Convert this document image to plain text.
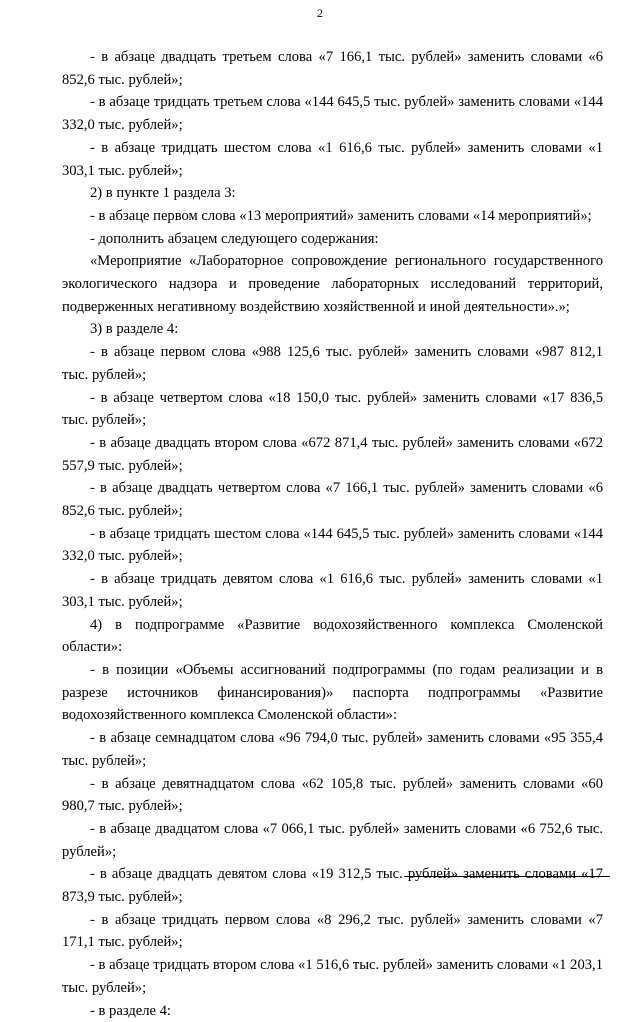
2

- в абзаце двадцать третьем слова «7 166,1 тыс. рублей» заменить словами «6 852,6 тыс. рублей»;

- в абзаце тридцать третьем слова «144 645,5 тыс. рублей» заменить словами «144 332,0 тыс. рублей»;

- в абзаце тридцать шестом слова «1 616,6 тыс. рублей» заменить словами «1 303,1 тыс. рублей»;

2) в пункте 1 раздела 3:

- в абзаце первом слова «13 мероприятий» заменить словами «14 мероприятий»;

- дополнить абзацем следующего содержания:

«Мероприятие «Лабораторное сопровождение регионального государственного экологического надзора и проведение лабораторных исследований территорий, подверженных негативному воздействию хозяйственной и иной деятельности».»;

3) в разделе 4:

- в абзаце первом слова «988 125,6 тыс. рублей» заменить словами «987 812,1 тыс. рублей»;

- в абзаце четвертом слова «18 150,0 тыс. рублей» заменить словами «17 836,5 тыс. рублей»;

- в абзаце двадцать втором слова «672 871,4 тыс. рублей» заменить словами «672 557,9 тыс. рублей»;

- в абзаце двадцать четвертом слова «7 166,1 тыс. рублей» заменить словами «6 852,6 тыс. рублей»;

- в абзаце тридцать шестом слова «144 645,5 тыс. рублей» заменить словами «144 332,0 тыс. рублей»;

- в абзаце тридцать девятом слова «1 616,6 тыс. рублей» заменить словами «1 303,1 тыс. рублей»;

4) в подпрограмме «Развитие водохозяйственного комплекса Смоленской области»:

- в позиции «Объемы ассигнований подпрограммы (по годам реализации и в разрезе источников финансирования)» паспорта подпрограммы «Развитие водохозяйственного комплекса Смоленской области»:

- в абзаце семнадцатом слова «96 794,0 тыс. рублей» заменить словами «95 355,4 тыс. рублей»;

- в абзаце девятнадцатом слова «62 105,8 тыс. рублей» заменить словами «60 980,7 тыс. рублей»;

- в абзаце двадцатом слова «7 066,1 тыс. рублей» заменить словами «6 752,6 тыс. рублей»;

- в абзаце двадцать девятом слова «19 312,5 тыс. рублей» заменить словами «17 873,9 тыс. рублей»;

- в абзаце тридцать первом слова «8 296,2 тыс. рублей» заменить словами «7 171,1 тыс. рублей»;

- в абзаце тридцать втором слова «1 516,6 тыс. рублей» заменить словами «1 203,1 тыс. рублей»;

- в разделе 4:
